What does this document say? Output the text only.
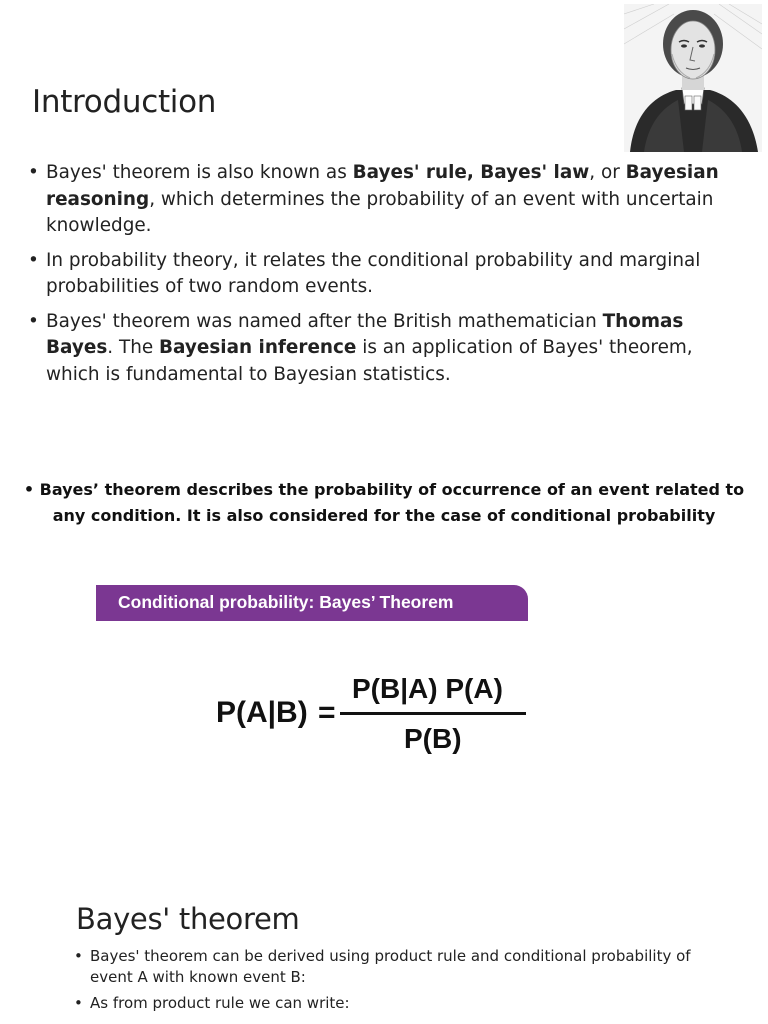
Introduction
• Bayes' theorem is also known as Bayes' rule, Bayes' law, or Bayesian reasoning, which determines the probability of an event with uncertain knowledge.
• In probability theory, it relates the conditional probability and marginal probabilities of two random events.
• Bayes' theorem was named after the British mathematician Thomas Bayes. The Bayesian inference is an application of Bayes' theorem, which is fundamental to Bayesian statistics.
• Bayes’ theorem describes the probability of occurrence of an event related to any condition. It is also considered for the case of conditional probability
Conditional probability: Bayes’ Theorem
P(A|B) =
P(B|A) P(A)
P(B)
Bayes' theorem
• Bayes' theorem can be derived using product rule and conditional probability of event A with known event B:
• As from product rule we can write:
